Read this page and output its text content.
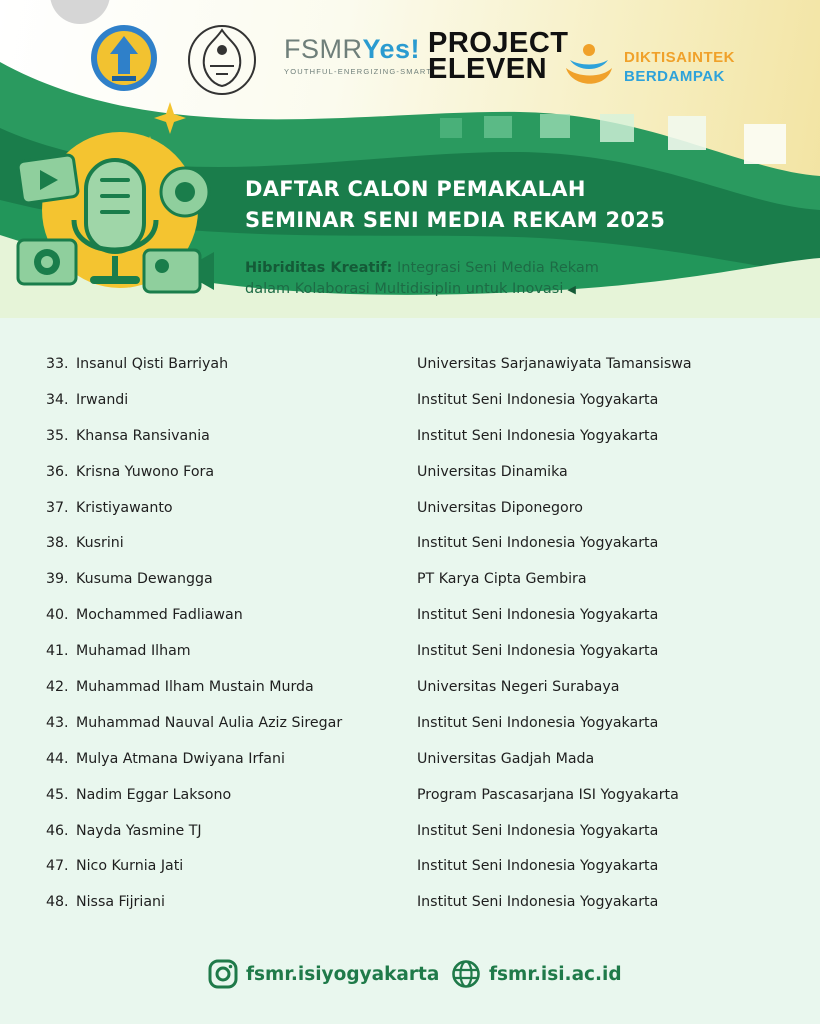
FSMRYes!
YOUTHFUL-ENERGIZING-SMART
PROJECT
ELEVEN	DIKTISAINTEK
BERDAMPAK
DAFTAR CALON PEMAKALAH
SEMINAR SENI MEDIA REKAM 2025
Hibriditas Kreatif: Integrasi Seni Media Rekam
dalam Kolaborasi Multidisiplin untuk Inovasi ◀
33. Insanul Qisti Barriyah	Universitas Sarjanawiyata Tamansiswa
34. Irwandi	Institut Seni Indonesia Yogyakarta
35. Khansa Ransivania	Institut Seni Indonesia Yogyakarta
36. Krisna Yuwono Fora	Universitas Dinamika
37. Kristiyawanto	Universitas Diponegoro
38. Kusrini	Institut Seni Indonesia Yogyakarta
39. Kusuma Dewangga	PT Karya Cipta Gembira
40. Mochammed Fadliawan	Institut Seni Indonesia Yogyakarta
41. Muhamad Ilham	Institut Seni Indonesia Yogyakarta
42. Muhammad Ilham Mustain Murda	Universitas Negeri Surabaya
43. Muhammad Nauval Aulia Aziz Siregar	Institut Seni Indonesia Yogyakarta
44. Mulya Atmana Dwiyana Irfani	Universitas Gadjah Mada
45. Nadim Eggar Laksono	Program Pascasarjana ISI Yogyakarta
46. Nayda Yasmine TJ	Institut Seni Indonesia Yogyakarta
47. Nico Kurnia Jati	Institut Seni Indonesia Yogyakarta
48. Nissa Fijriani	Institut Seni Indonesia Yogyakarta
fsmr.isiyogyakarta	fsmr.isi.ac.id
